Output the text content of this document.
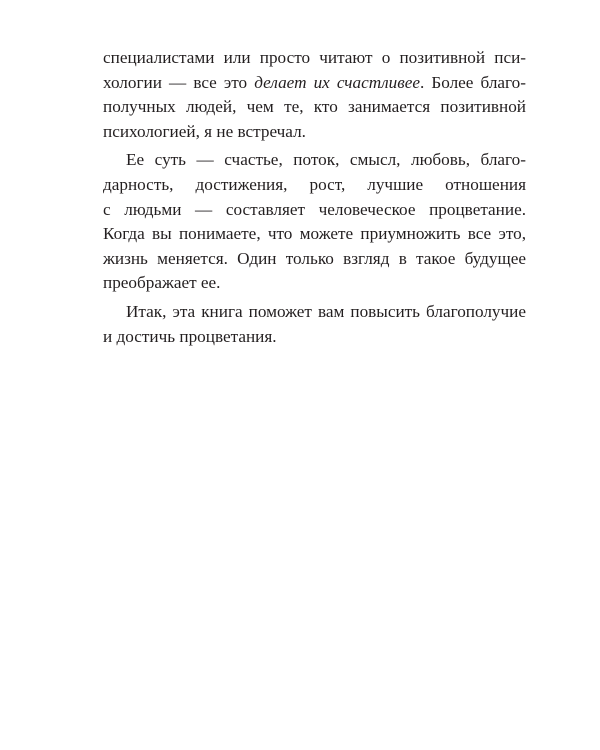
специалистами или просто читают о позитивной пси-
хологии — все это делает их счастливее. Более благо-
получных людей, чем те, кто занимается позитивной
психологией, я не встречал.
Ее суть — счастье, поток, смысл, любовь, благо-
дарность, достижения, рост, лучшие отношения
с людьми — составляет человеческое процветание.
Когда вы понимаете, что можете приумножить все это,
жизнь меняется. Один только взгляд в такое будущее
преображает ее.
Итак, эта книга поможет вам повысить благополучие
и достичь процветания.
